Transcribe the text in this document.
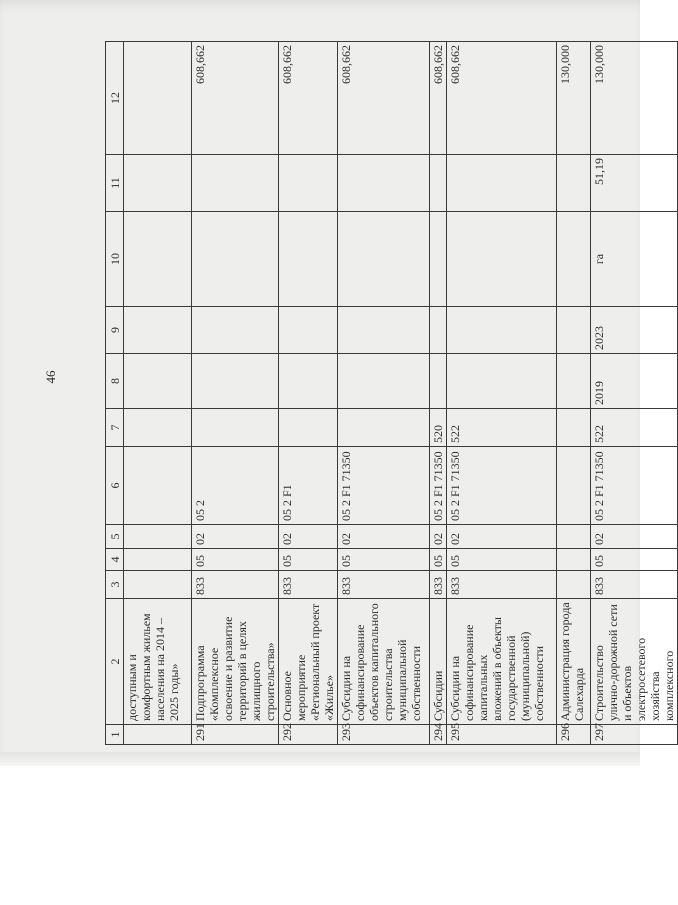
46
1	2	3	4	5	6	7	8	9	10	11	12
	доступным и комфортным жильем населения на 2014 – 2025 годы»										
291	Подпрограмма «Комплексное освоение и развитие территорий в целях жилищного строительства»	833	05	02	05 2						608,662
292	Основное мероприятие «Региональный проект «Жилье»	833	05	02	05 2 F1						608,662
293	Субсидии на софинансирование объектов капитального строительства муниципальной собственности	833	05	02	05 2 F1 71350						608,662
294	Субсидии	833	05	02	05 2 F1 71350	520					608,662
295	Субсидии на софинансирование капитальных вложений в объекты государственной (муниципальной) собственности	833	05	02	05 2 F1 71350	522					608,662
296	Администрация города Салехарда										130,000
297	Строительство улично-дорожной сети и объектов электросетевого хозяйства комплексного	833	05	02	05 2 F1 71350	522	2019	2023	га	51,19	130,000
